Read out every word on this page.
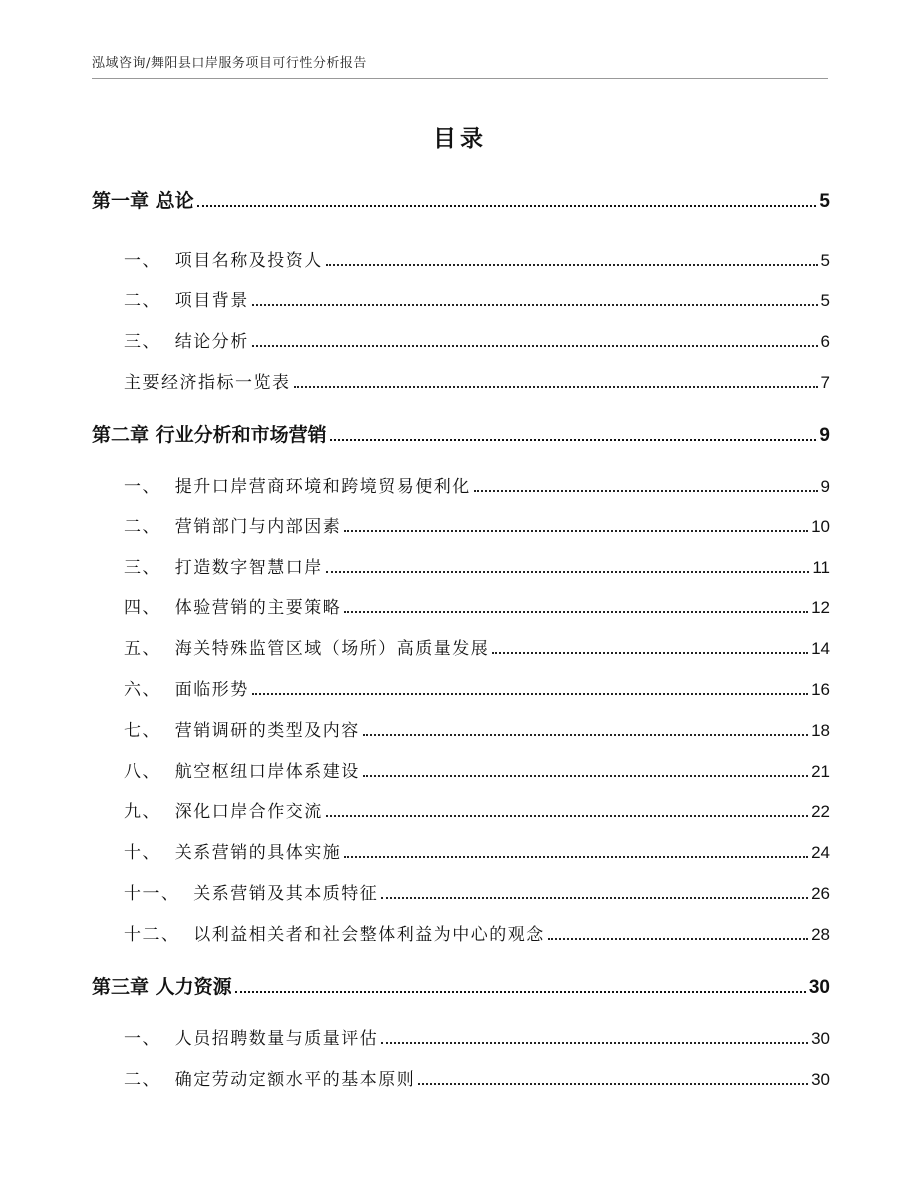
泓域咨询/舞阳县口岸服务项目可行性分析报告
目录
第一章 总论	5
一、  项目名称及投资人	5
二、  项目背景	5
三、  结论分析	6
主要经济指标一览表	7
第二章 行业分析和市场营销	9
一、  提升口岸营商环境和跨境贸易便利化	9
二、  营销部门与内部因素	10
三、  打造数字智慧口岸	11
四、  体验营销的主要策略	12
五、  海关特殊监管区域（场所）高质量发展	14
六、  面临形势	16
七、  营销调研的类型及内容	18
八、  航空枢纽口岸体系建设	21
九、  深化口岸合作交流	22
十、  关系营销的具体实施	24
十一、  关系营销及其本质特征	26
十二、  以利益相关者和社会整体利益为中心的观念	28
第三章 人力资源	30
一、  人员招聘数量与质量评估	30
二、  确定劳动定额水平的基本原则	30
